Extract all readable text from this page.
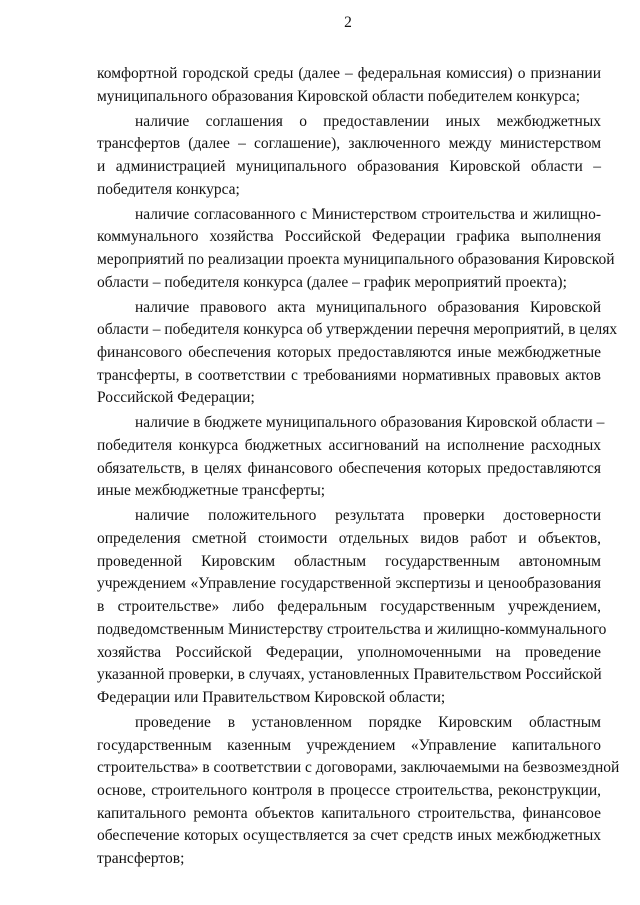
2
комфортной городской среды (далее – федеральная комиссия) о признании
муниципального образования Кировской области победителем конкурса;
наличие соглашения о предоставлении иных межбюджетных
трансфертов (далее – соглашение), заключенного между министерством
и администрацией муниципального образования Кировской области –
победителя конкурса;
наличие согласованного с Министерством строительства и жилищно-
коммунального хозяйства Российской Федерации графика выполнения
мероприятий по реализации проекта муниципального образования Кировской
области – победителя конкурса (далее – график мероприятий проекта);
наличие правового акта муниципального образования Кировской
области – победителя конкурса об утверждении перечня мероприятий, в целях
финансового обеспечения которых предоставляются иные межбюджетные
трансферты, в соответствии с требованиями нормативных правовых актов
Российской Федерации;
наличие в бюджете муниципального образования Кировской области –
победителя конкурса бюджетных ассигнований на исполнение расходных
обязательств, в целях финансового обеспечения которых предоставляются
иные межбюджетные трансферты;
наличие положительного результата проверки достоверности
определения сметной стоимости отдельных видов работ и объектов,
проведенной Кировским областным государственным автономным
учреждением «Управление государственной экспертизы и ценообразования
в строительстве» либо федеральным государственным учреждением,
подведомственным Министерству строительства и жилищно-коммунального
хозяйства Российской Федерации, уполномоченными на проведение
указанной проверки, в случаях, установленных Правительством Российской
Федерации или Правительством Кировской области;
проведение в установленном порядке Кировским областным
государственным казенным учреждением «Управление капитального
строительства» в соответствии с договорами, заключаемыми на безвозмездной
основе, строительного контроля в процессе строительства, реконструкции,
капитального ремонта объектов капитального строительства, финансовое
обеспечение которых осуществляется за счет средств иных межбюджетных
трансфертов;
